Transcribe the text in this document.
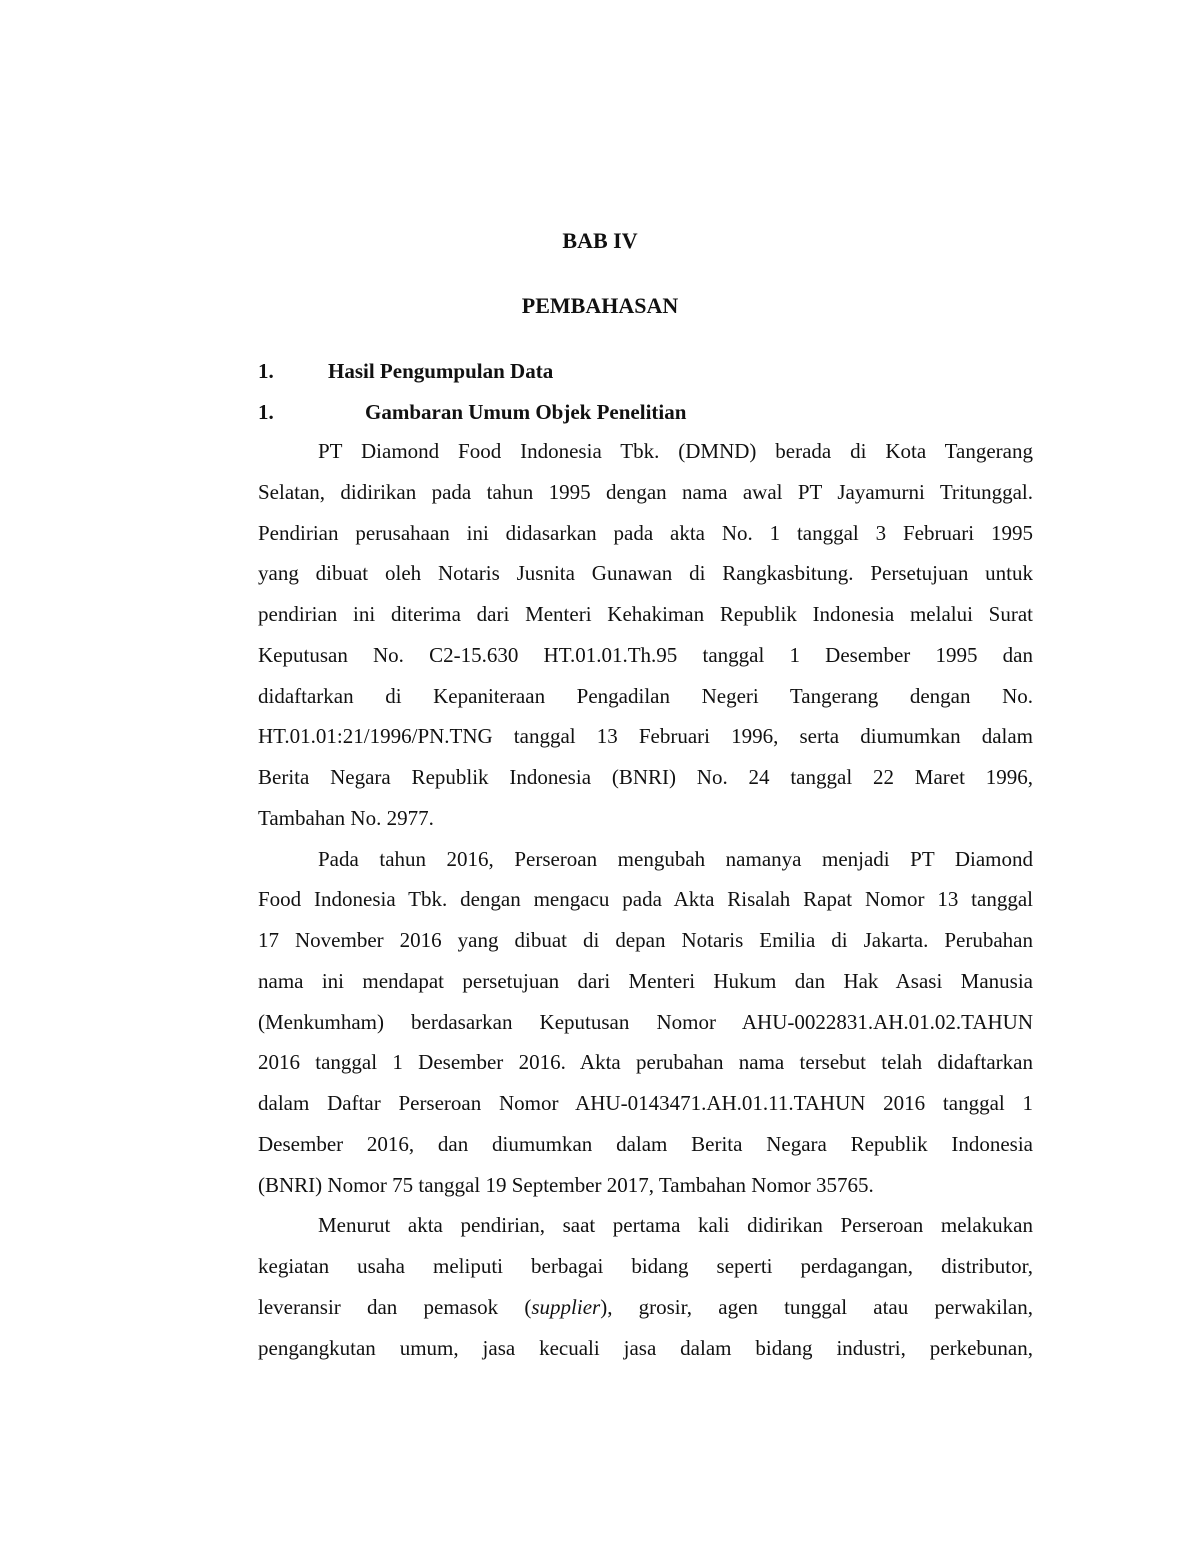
BAB IV
PEMBAHASAN
1.	Hasil Pengumpulan Data
1.	Gambaran Umum Objek Penelitian
PT Diamond Food Indonesia Tbk. (DMND) berada di Kota Tangerang
Selatan, didirikan pada tahun 1995 dengan nama awal PT Jayamurni Tritunggal.
Pendirian perusahaan ini didasarkan pada akta No. 1 tanggal 3 Februari 1995
yang dibuat oleh Notaris Jusnita Gunawan di Rangkasbitung. Persetujuan untuk
pendirian ini diterima dari Menteri Kehakiman Republik Indonesia melalui Surat
Keputusan No. C2-15.630 HT.01.01.Th.95 tanggal 1 Desember 1995 dan
didaftarkan di Kepaniteraan Pengadilan Negeri Tangerang dengan No.
HT.01.01:21/1996/PN.TNG tanggal 13 Februari 1996, serta diumumkan dalam
Berita Negara Republik Indonesia (BNRI) No. 24 tanggal 22 Maret 1996,
Tambahan No. 2977.
Pada tahun 2016, Perseroan mengubah namanya menjadi PT Diamond
Food Indonesia Tbk. dengan mengacu pada Akta Risalah Rapat Nomor 13 tanggal
17 November 2016 yang dibuat di depan Notaris Emilia di Jakarta. Perubahan
nama ini mendapat persetujuan dari Menteri Hukum dan Hak Asasi Manusia
(Menkumham) berdasarkan Keputusan Nomor AHU-0022831.AH.01.02.TAHUN
2016 tanggal 1 Desember 2016. Akta perubahan nama tersebut telah didaftarkan
dalam Daftar Perseroan Nomor AHU-0143471.AH.01.11.TAHUN 2016 tanggal 1
Desember 2016, dan diumumkan dalam Berita Negara Republik Indonesia
(BNRI) Nomor 75 tanggal 19 September 2017, Tambahan Nomor 35765.
Menurut akta pendirian, saat pertama kali didirikan Perseroan melakukan
kegiatan usaha meliputi berbagai bidang seperti perdagangan, distributor,
leveransir dan pemasok (supplier), grosir, agen tunggal atau perwakilan,
pengangkutan umum, jasa kecuali jasa dalam bidang industri, perkebunan,
